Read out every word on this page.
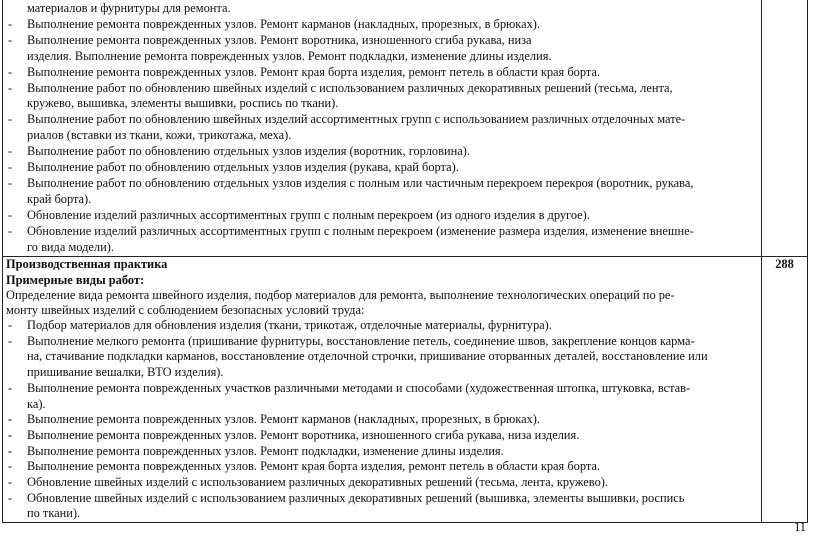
материалов и фурнитуры для ремонта.
- Выполнение ремонта поврежденных узлов. Ремонт карманов (накладных, прорезных, в брюках).
- Выполнение ремонта поврежденных узлов. Ремонт воротника, изношенного сгиба рукава, низа
изделия. Выполнение ремонта поврежденных узлов. Ремонт подкладки, изменение длины изделия.
- Выполнение ремонта поврежденных узлов. Ремонт края борта изделия, ремонт петель в области края борта.
- Выполнение работ по обновлению швейных изделий с использованием различных декоративных решений (тесьма, лента,
кружево, вышивка, элементы вышивки, роспись по ткани).
- Выполнение работ по обновлению швейных изделий ассортиментных групп с использованием различных отделочных мате-
риалов (вставки из ткани, кожи, трикотажа, меха).
- Выполнение работ по обновлению отдельных узлов изделия (воротник, горловина).
- Выполнение работ по обновлению отдельных узлов изделия (рукава, край борта).
- Выполнение работ по обновлению отдельных узлов изделия с полным или частичным перекроем перекроя (воротник, рукава,
край борта).
- Обновление изделий различных ассортиментных групп с полным перекроем (из одного изделия в другое).
- Обновление изделий различных ассортиментных групп с полным перекроем (изменение размера изделия, изменение внешне-
го вида модели).
Производственная практика	288
Примерные виды работ:
Определение вида ремонта швейного изделия, подбор материалов для ремонта, выполнение технологических операций по ре-
монту швейных изделий с соблюдением безопасных условий труда:
- Подбор материалов для обновления изделия (ткани, трикотаж, отделочные материалы, фурнитура).
- Выполнение мелкого ремонта (пришивание фурнитуры, восстановление петель, соединение швов, закрепление концов карма-
на, стачивание подкладки карманов, восстановление отделочной строчки, пришивание оторванных деталей, восстановление или
пришивание вешалки, ВТО изделия).
- Выполнение ремонта поврежденных участков различными методами и способами (художественная штопка, штуковка, встав-
ка).
- Выполнение ремонта поврежденных узлов. Ремонт карманов (накладных, прорезных, в брюках).
- Выполнение ремонта поврежденных узлов. Ремонт воротника, изношенного сгиба рукава, низа изделия.
- Выполнение ремонта поврежденных узлов. Ремонт подкладки, изменение длины изделия.
- Выполнение ремонта поврежденных узлов. Ремонт края борта изделия, ремонт петель в области края борта.
- Обновление швейных изделий с использованием различных декоративных решений (тесьма, лента, кружево).
- Обновление швейных изделий с использованием различных декоративных решений (вышивка, элементы вышивки, роспись
по ткани).
11
